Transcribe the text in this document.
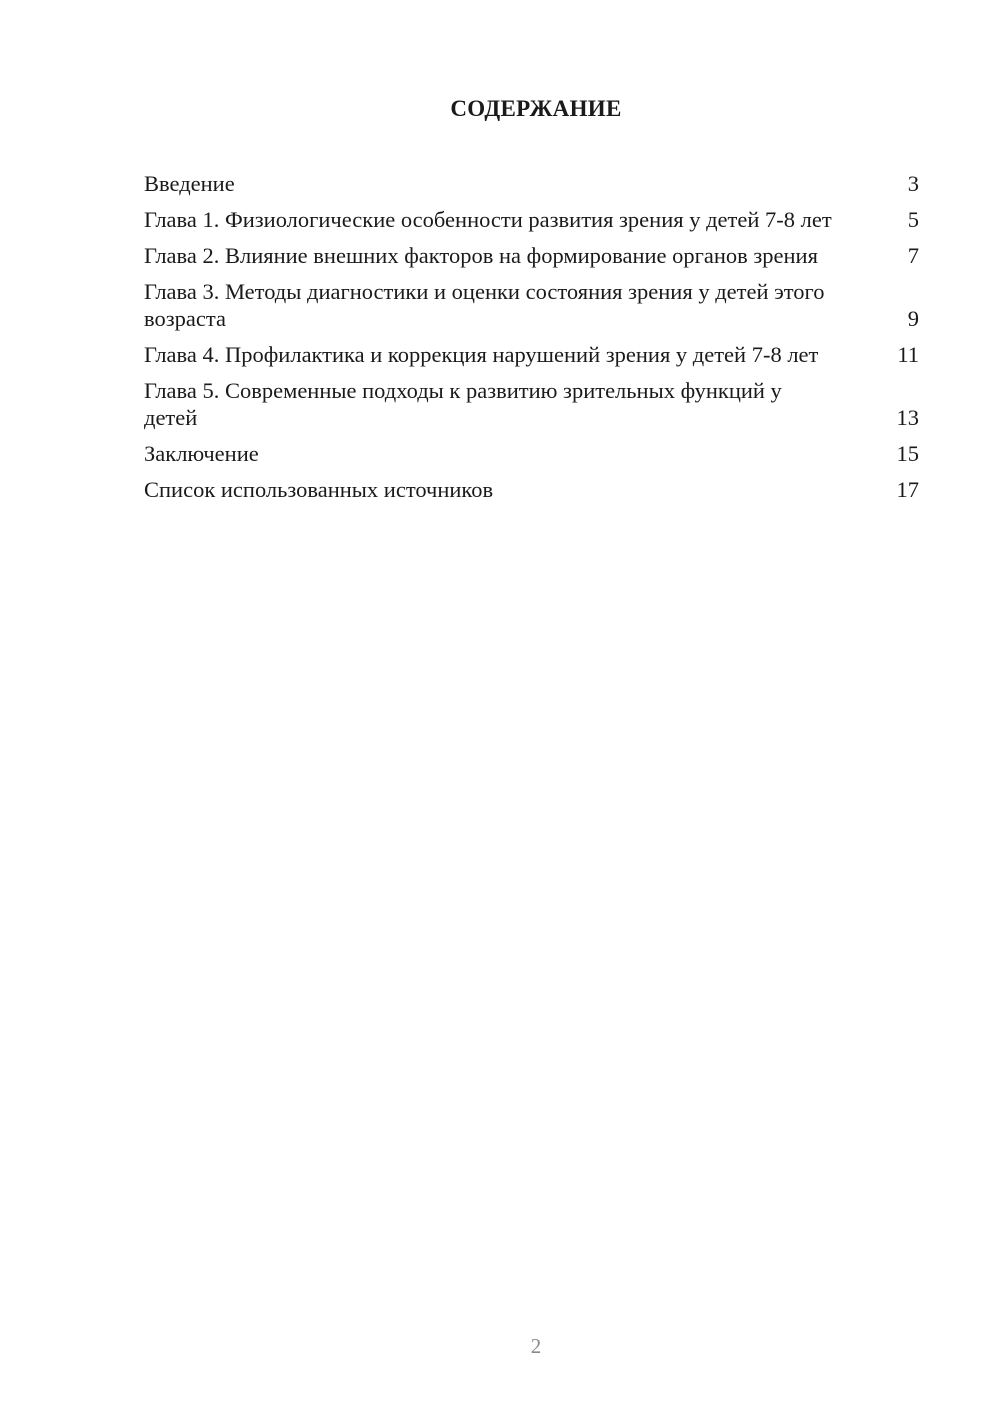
СОДЕРЖАНИЕ
Введение	3
Глава 1. Физиологические особенности развития зрения у детей 7-8 лет	5
Глава 2. Влияние внешних факторов на формирование органов зрения	7
Глава 3. Методы диагностики и оценки состояния зрения у детей этого возраста	9
Глава 4. Профилактика и коррекция нарушений зрения у детей 7-8 лет	11
Глава 5. Современные подходы к развитию зрительных функций у детей	13
Заключение	15
Список использованных источников	17
2
